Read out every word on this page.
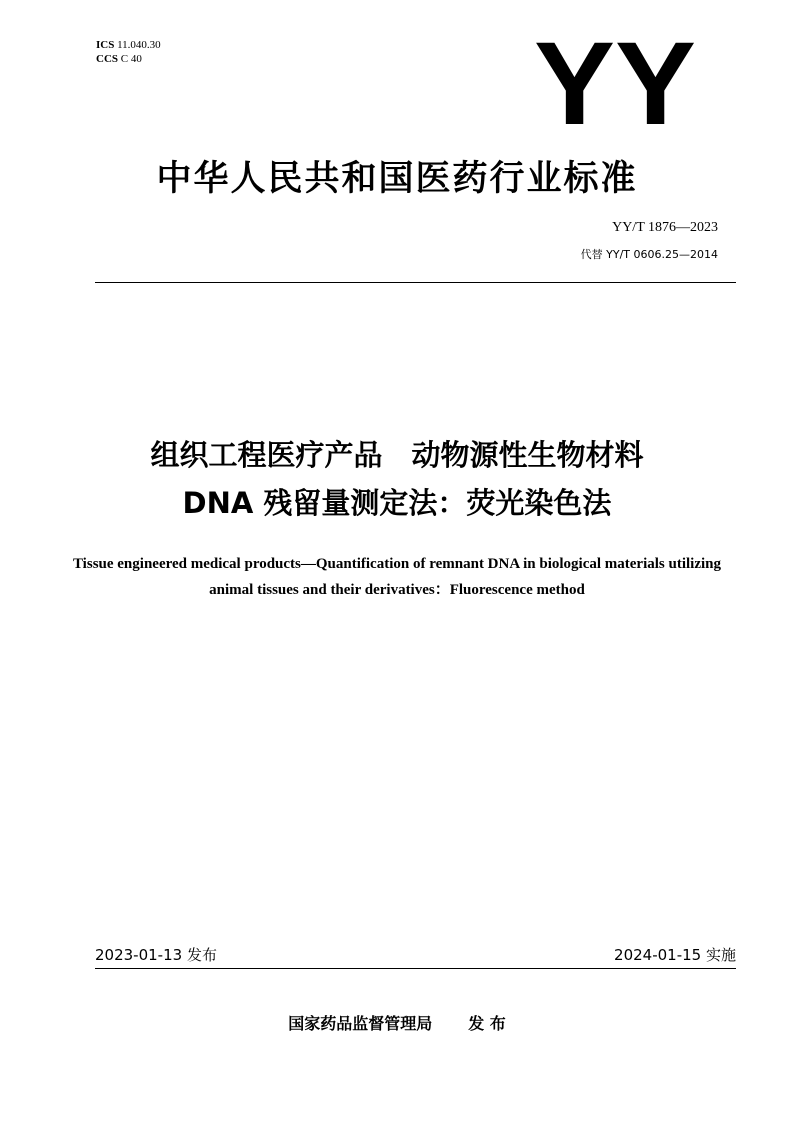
ICS 11.040.30
CCS C 40	YY
中华人民共和国医药行业标准
YY/T 1876—2023
代替 YY/T 0606.25—2014
组织工程医疗产品　动物源性生物材料
DNA 残留量测定法：荧光染色法
Tissue engineered medical products—Quantification of remnant DNA in biological materials utilizing animal tissues and their derivatives：Fluorescence method
2023-01-13 发布	2024-01-15 实施
国家药品监督管理局 发 布
